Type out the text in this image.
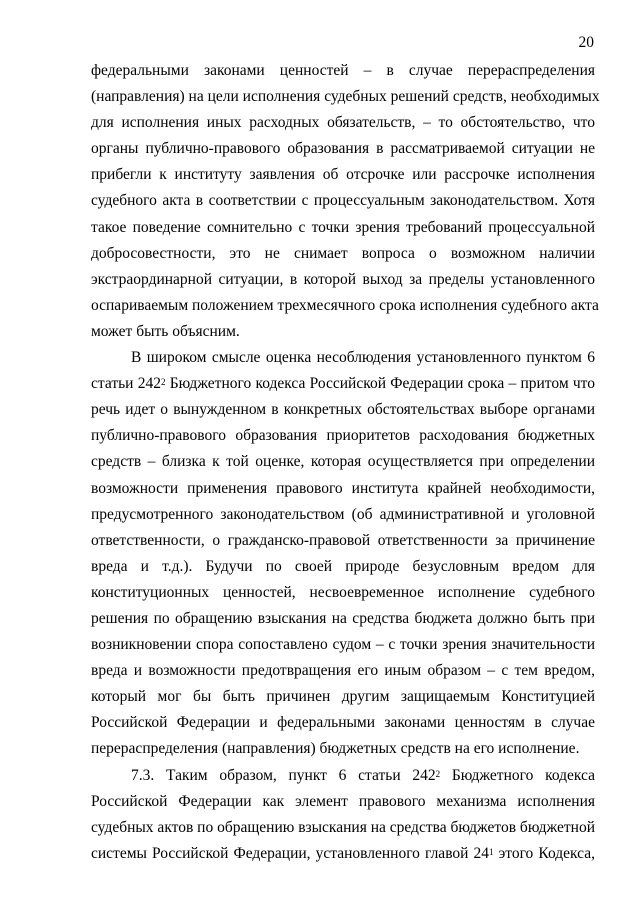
20

федеральными законами ценностей – в случае перераспределения
(направления) на цели исполнения судебных решений средств, необходимых
для исполнения иных расходных обязательств, – то обстоятельство, что
органы публично-правового образования в рассматриваемой ситуации не
прибегли к институту заявления об отсрочке или рассрочке исполнения
судебного акта в соответствии с процессуальным законодательством. Хотя
такое поведение сомнительно с точки зрения требований процессуальной
добросовестности, это не снимает вопроса о возможном наличии
экстраординарной ситуации, в которой выход за пределы установленного
оспариваемым положением трехмесячного срока исполнения судебного акта
может быть объясним.

В широком смысле оценка несоблюдения установленного пунктом 6
статьи $242^2$ Бюджетного кодекса Российской Федерации срока – притом что
речь идет о вынужденном в конкретных обстоятельствах выборе органами
публично-правового образования приоритетов расходования бюджетных
средств – близка к той оценке, которая осуществляется при определении
возможности применения правового института крайней необходимости,
предусмотренного законодательством (об административной и уголовной
ответственности, о гражданско-правовой ответственности за причинение
вреда и т.д.). Будучи по своей природе безусловным вредом для
конституционных ценностей, несвоевременное исполнение судебного
решения по обращению взыскания на средства бюджета должно быть при
возникновении спора сопоставлено судом – с точки зрения значительности
вреда и возможности предотвращения его иным образом – с тем вредом,
который мог бы быть причинен другим защищаемым Конституцией
Российской Федерации и федеральными законами ценностям в случае
перераспределения (направления) бюджетных средств на его исполнение.

7.3. Таким образом, пункт 6 статьи $242^2$ Бюджетного кодекса
Российской Федерации как элемент правового механизма исполнения
судебных актов по обращению взыскания на средства бюджетов бюджетной
системы Российской Федерации, установленного главой $24^1$ этого Кодекса,
